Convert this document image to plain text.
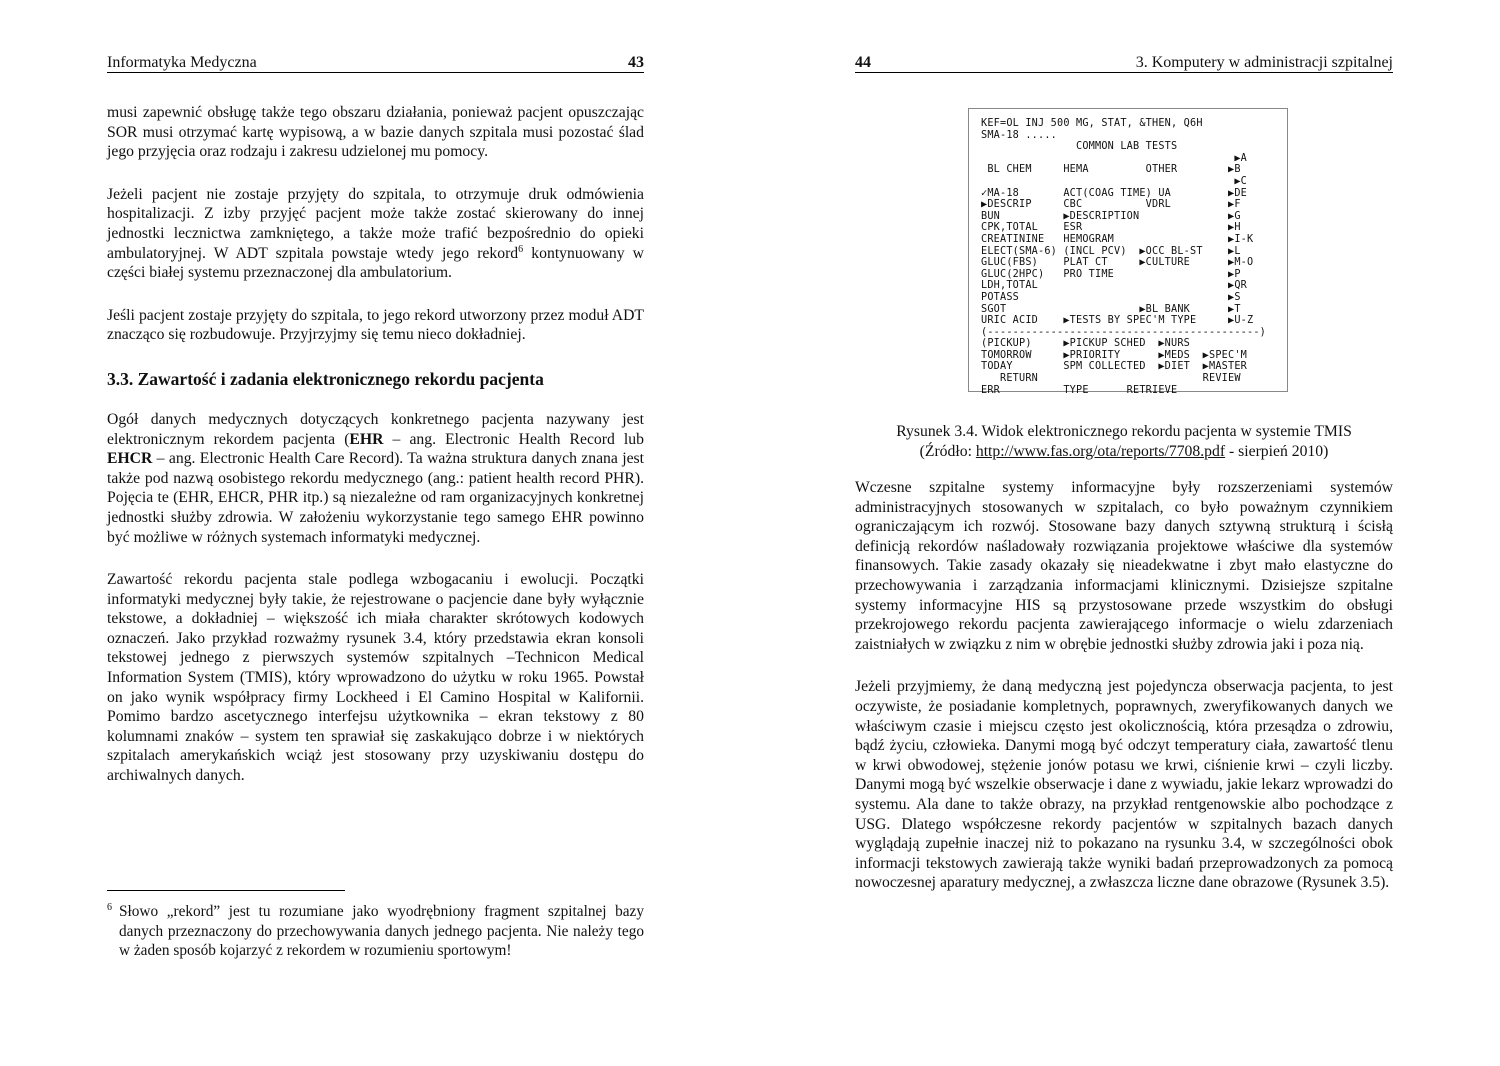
Informatyka Medyczna	43

musi zapewnić obsługę także tego obszaru działania, ponieważ pacjent opuszczając SOR musi otrzymać kartę wypisową, a w bazie danych szpitala musi pozostać ślad jego przyjęcia oraz rodzaju i zakresu udzielonej mu pomocy.

Jeżeli pacjent nie zostaje przyjęty do szpitala, to otrzymuje druk odmówienia hospitalizacji. Z izby przyjęć pacjent może także zostać skierowany do innej jednostki lecznictwa zamkniętego, a także może trafić bezpośrednio do opieki ambulatoryjnej. W ADT szpitala powstaje wtedy jego rekord$^6$ kontynuowany w części białej systemu przeznaczonej dla ambulatorium.

Jeśli pacjent zostaje przyjęty do szpitala, to jego rekord utworzony przez moduł ADT znacząco się rozbudowuje. Przyjrzyjmy się temu nieco dokładniej.

3.3. Zawartość i zadania elektronicznego rekordu pacjenta

Ogół danych medycznych dotyczących konkretnego pacjenta nazywany jest elektronicznym rekordem pacjenta (EHR – ang. Electronic Health Record lub EHCR – ang. Electronic Health Care Record). Ta ważna struktura danych znana jest także pod nazwą osobistego rekordu medycznego (ang.: patient health record PHR). Pojęcia te (EHR, EHCR, PHR itp.) są niezależne od ram organizacyjnych konkretnej jednostki służby zdrowia. W założeniu wykorzystanie tego samego EHR powinno być możliwe w różnych systemach informatyki medycznej.

Zawartość rekordu pacjenta stale podlega wzbogacaniu i ewolucji. Początki informatyki medycznej były takie, że rejestrowane o pacjencie dane były wyłącznie tekstowe, a dokładniej – większość ich miała charakter skrótowych kodowych oznaczeń. Jako przykład rozważmy rysunek 3.4, który przedstawia ekran konsoli tekstowej jednego z pierwszych systemów szpitalnych –Technicon Medical Information System (TMIS), który wprowadzono do użytku w roku 1965. Powstał on jako wynik współpracy firmy Lockheed i El Camino Hospital w Kalifornii. Pomimo bardzo ascetycznego interfejsu użytkownika – ekran tekstowy z 80 kolumnami znaków – system ten sprawiał się zaskakująco dobrze i w niektórych szpitalach amerykańskich wciąż jest stosowany przy uzyskiwaniu dostępu do archiwalnych danych.

6 Słowo „rekord” jest tu rozumiane jako wyodrębniony fragment szpitalnej bazy danych przeznaczony do przechowywania danych jednego pacjenta. Nie należy tego w żaden sposób kojarzyć z rekordem w rozumieniu sportowym!
44	3. Komputery w administracji szpitalnej
KEF=OL INJ 500 MG, STAT, &THEN, Q6H
SMA-18 .....
COMMON LAB TESTS
▶A
BL CHEM     HEMA         OTHER        ▶B
▶C
✓MA-18       ACT(COAG TIME) UA         ▶DE
▶DESCRIP     CBC          VDRL         ▶F
BUN          ▶DESCRIPTION              ▶G
CPK,TOTAL    ESR                       ▶H
CREATININE   HEMOGRAM                  ▶I-K
ELECT(SMA-6) (INCL PCV)  ▶OCC BL-ST    ▶L
GLUC(FBS)    PLAT CT     ▶CULTURE      ▶M-O
GLUC(2HPC)   PRO TIME                  ▶P
LDH,TOTAL                              ▶QR
POTASS                                 ▶S
SGOT                     ▶BL BANK      ▶T
URIC ACID    ▶TESTS BY SPEC'M TYPE     ▶U-Z
(-------------------------------------------)
(PICKUP)     ▶PICKUP SCHED  ▶NURS
TOMORROW     ▶PRIORITY      ▶MEDS  ▶SPEC'M
TODAY        SPM COLLECTED  ▶DIET  ▶MASTER
RETURN                          REVIEW
ERR          TYPE      RETRIEVE
Rysunek 3.4. Widok elektronicznego rekordu pacjenta w systemie TMIS
(Źródło: http://www.fas.org/ota/reports/7708.pdf - sierpień 2010)

Wczesne szpitalne systemy informacyjne były rozszerzeniami systemów administracyjnych stosowanych w szpitalach, co było poważnym czynnikiem ograniczającym ich rozwój. Stosowane bazy danych sztywną strukturą i ścisłą definicją rekordów naśladowały rozwiązania projektowe właściwe dla systemów finansowych. Takie zasady okazały się nieadekwatne i zbyt mało elastyczne do przechowywania i zarządzania informacjami klinicznymi. Dzisiejsze szpitalne systemy informacyjne HIS są przystosowane przede wszystkim do obsługi przekrojowego rekordu pacjenta zawierającego informacje o wielu zdarzeniach zaistniałych w związku z nim w obrębie jednostki służby zdrowia jaki i poza nią.

Jeżeli przyjmiemy, że daną medyczną jest pojedyncza obserwacja pacjenta, to jest oczywiste, że posiadanie kompletnych, poprawnych, zweryfikowanych danych we właściwym czasie i miejscu często jest okolicznością, która przesądza o zdrowiu, bądź życiu, człowieka. Danymi mogą być odczyt temperatury ciała, zawartość tlenu w krwi obwodowej, stężenie jonów potasu we krwi, ciśnienie krwi – czyli liczby. Danymi mogą być wszelkie obserwacje i dane z wywiadu, jakie lekarz wprowadzi do systemu. Ala dane to także obrazy, na przykład rentgenowskie albo pochodzące z USG. Dlatego współczesne rekordy pacjentów w szpitalnych bazach danych wyglądają zupełnie inaczej niż to pokazano na rysunku 3.4, w szczególności obok informacji tekstowych zawierają także wyniki badań przeprowadzonych za pomocą nowoczesnej aparatury medycznej, a zwłaszcza liczne dane obrazowe (Rysunek 3.5).
